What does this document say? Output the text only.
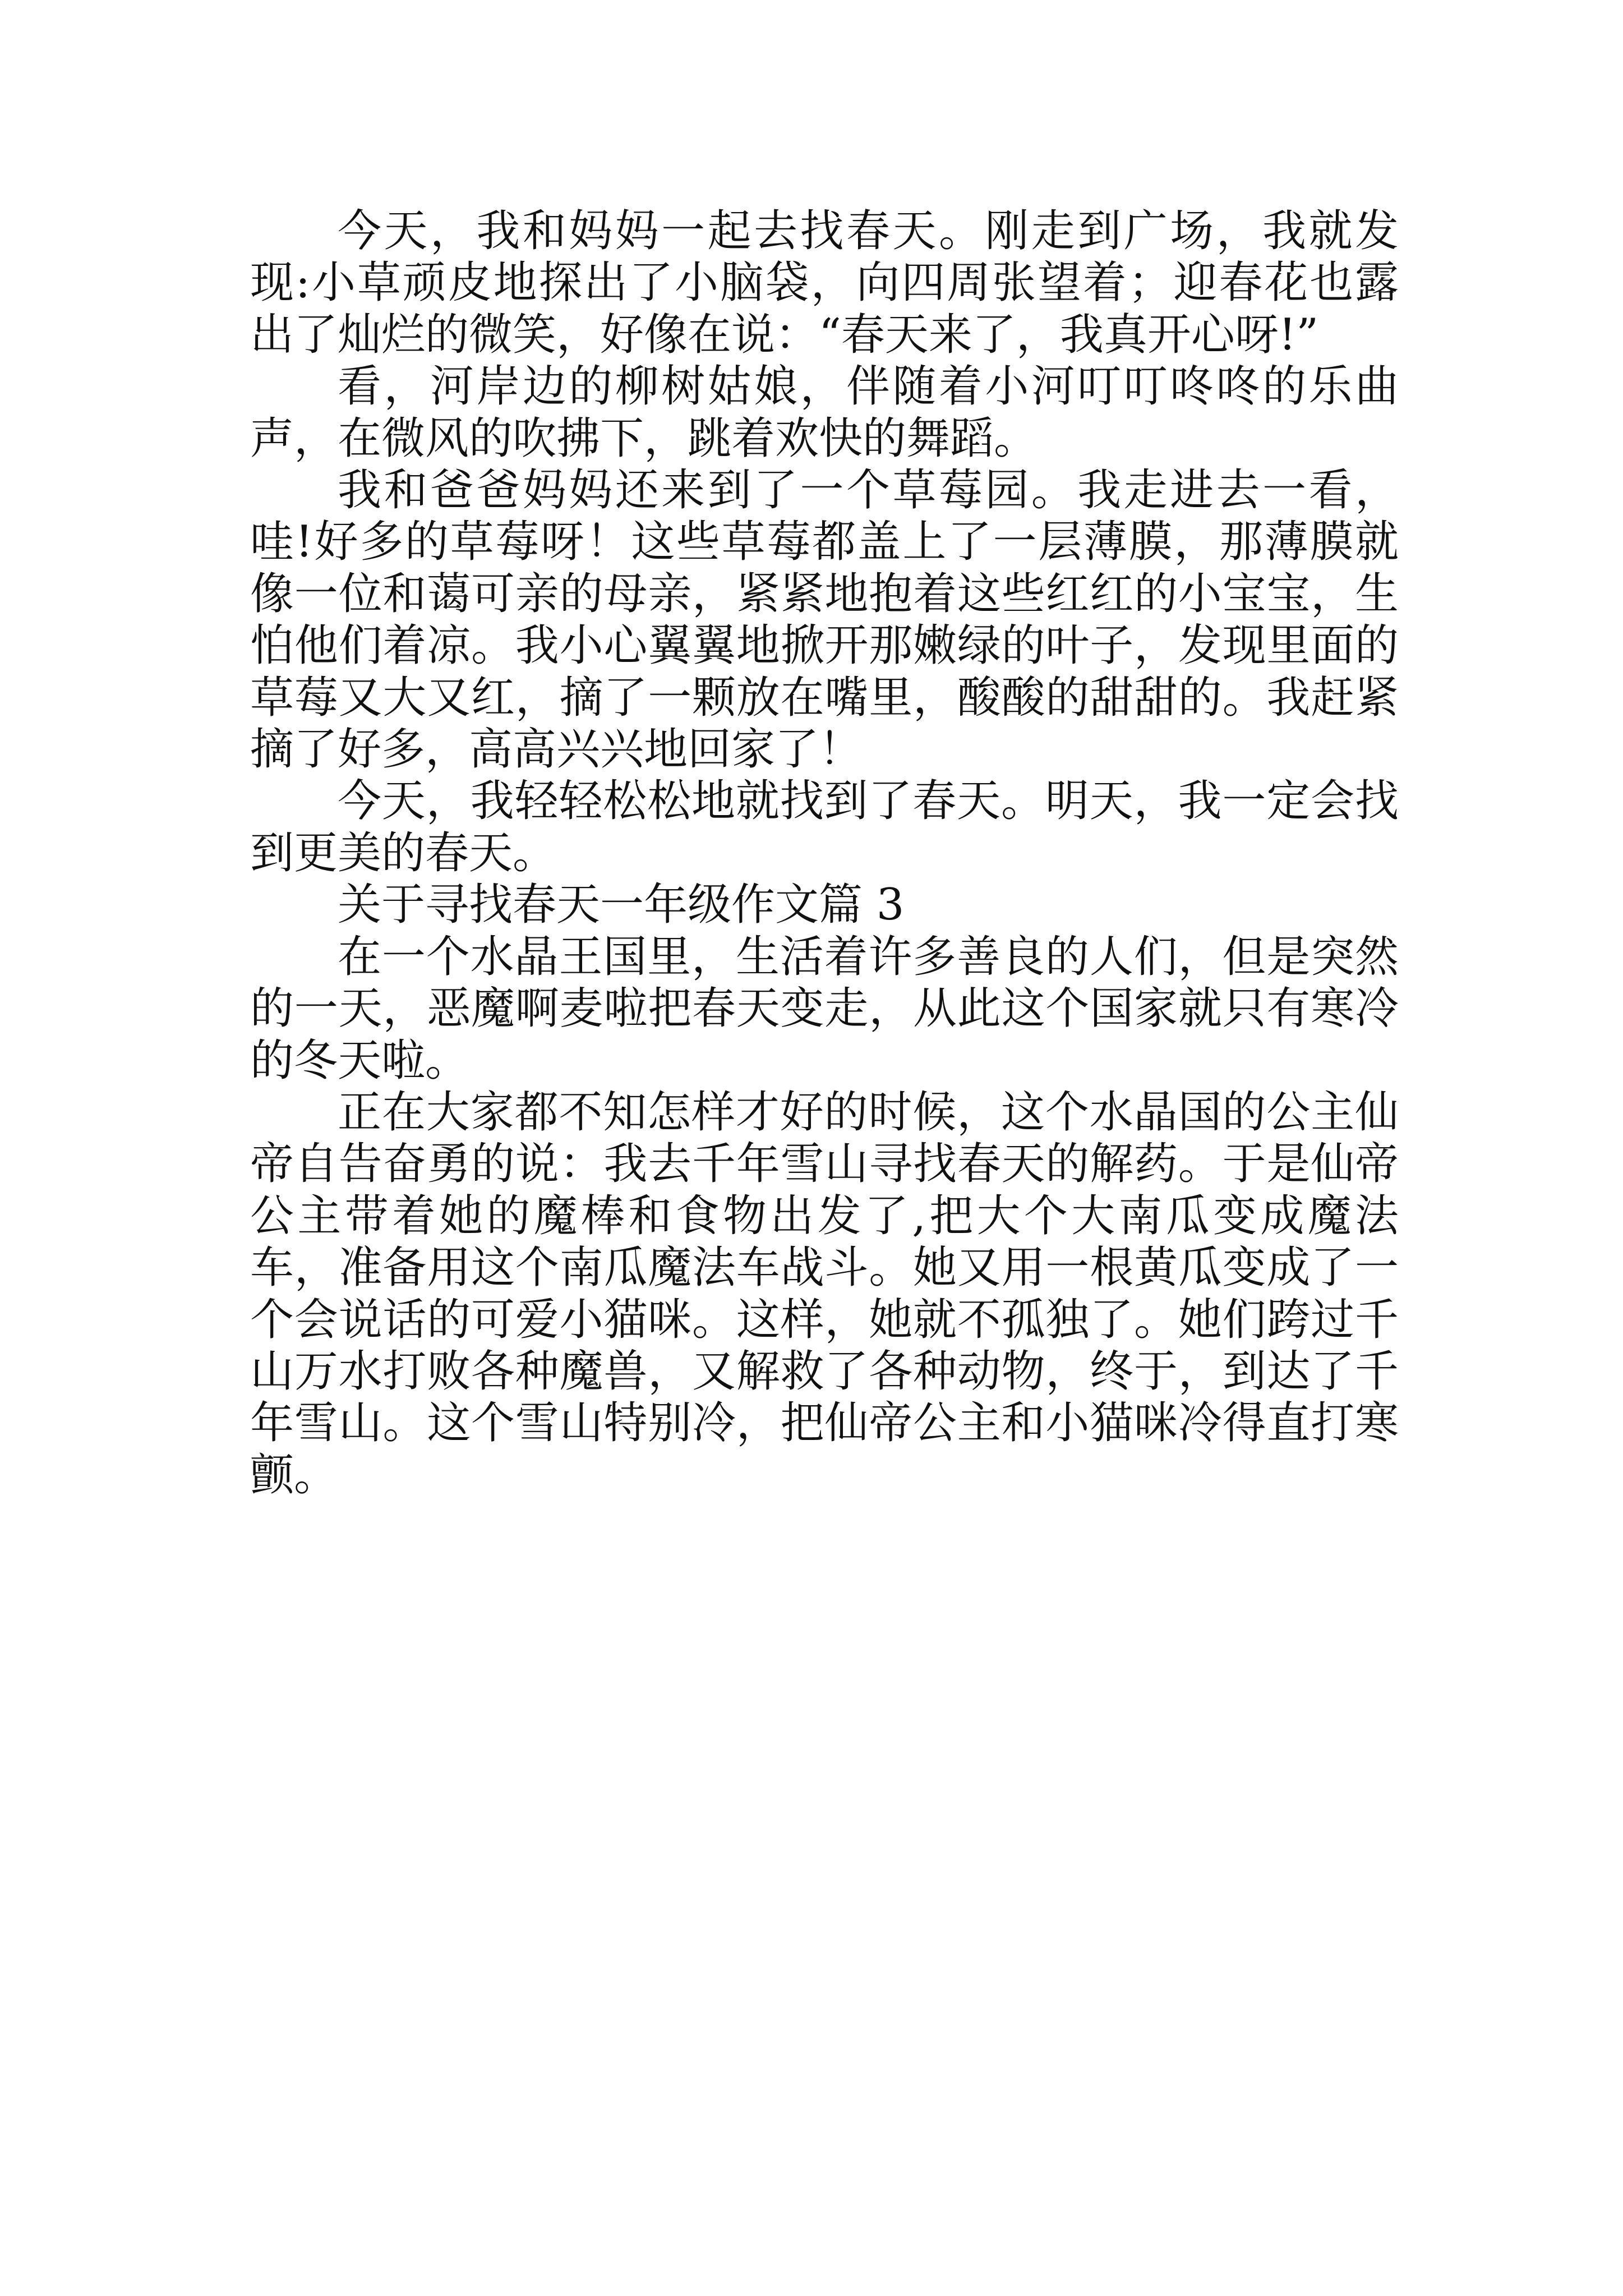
今天，我和妈妈一起去找春天。刚走到广场，我就发现:小草顽皮地探出了小脑袋，向四周张望着；迎春花也露出了灿烂的微笑，好像在说：“春天来了，我真开心呀!”

看，河岸边的柳树姑娘，伴随着小河叮叮咚咚的乐曲声，在微风的吹拂下，跳着欢快的舞蹈。

我和爸爸妈妈还来到了一个草莓园。我走进去一看，哇!好多的草莓呀！这些草莓都盖上了一层薄膜，那薄膜就像一位和蔼可亲的母亲，紧紧地抱着这些红红的小宝宝，生怕他们着凉。我小心翼翼地掀开那嫩绿的叶子，发现里面的草莓又大又红，摘了一颗放在嘴里，酸酸的甜甜的。我赶紧摘了好多，高高兴兴地回家了！

今天，我轻轻松松地就找到了春天。明天，我一定会找到更美的春天。

关于寻找春天一年级作文篇 3

在一个水晶王国里，生活着许多善良的人们，但是突然的一天，恶魔啊麦啦把春天变走，从此这个国家就只有寒冷的冬天啦。

正在大家都不知怎样才好的时候，这个水晶国的公主仙帝自告奋勇的说：我去千年雪山寻找春天的解药。于是仙帝公主带着她的魔棒和食物出发了,把大个大南瓜变成魔法车，准备用这个南瓜魔法车战斗。她又用一根黄瓜变成了一个会说话的可爱小猫咪。这样，她就不孤独了。她们跨过千山万水打败各种魔兽，又解救了各种动物，终于，到达了千年雪山。这个雪山特别冷，把仙帝公主和小猫咪冷得直打寒颤。
